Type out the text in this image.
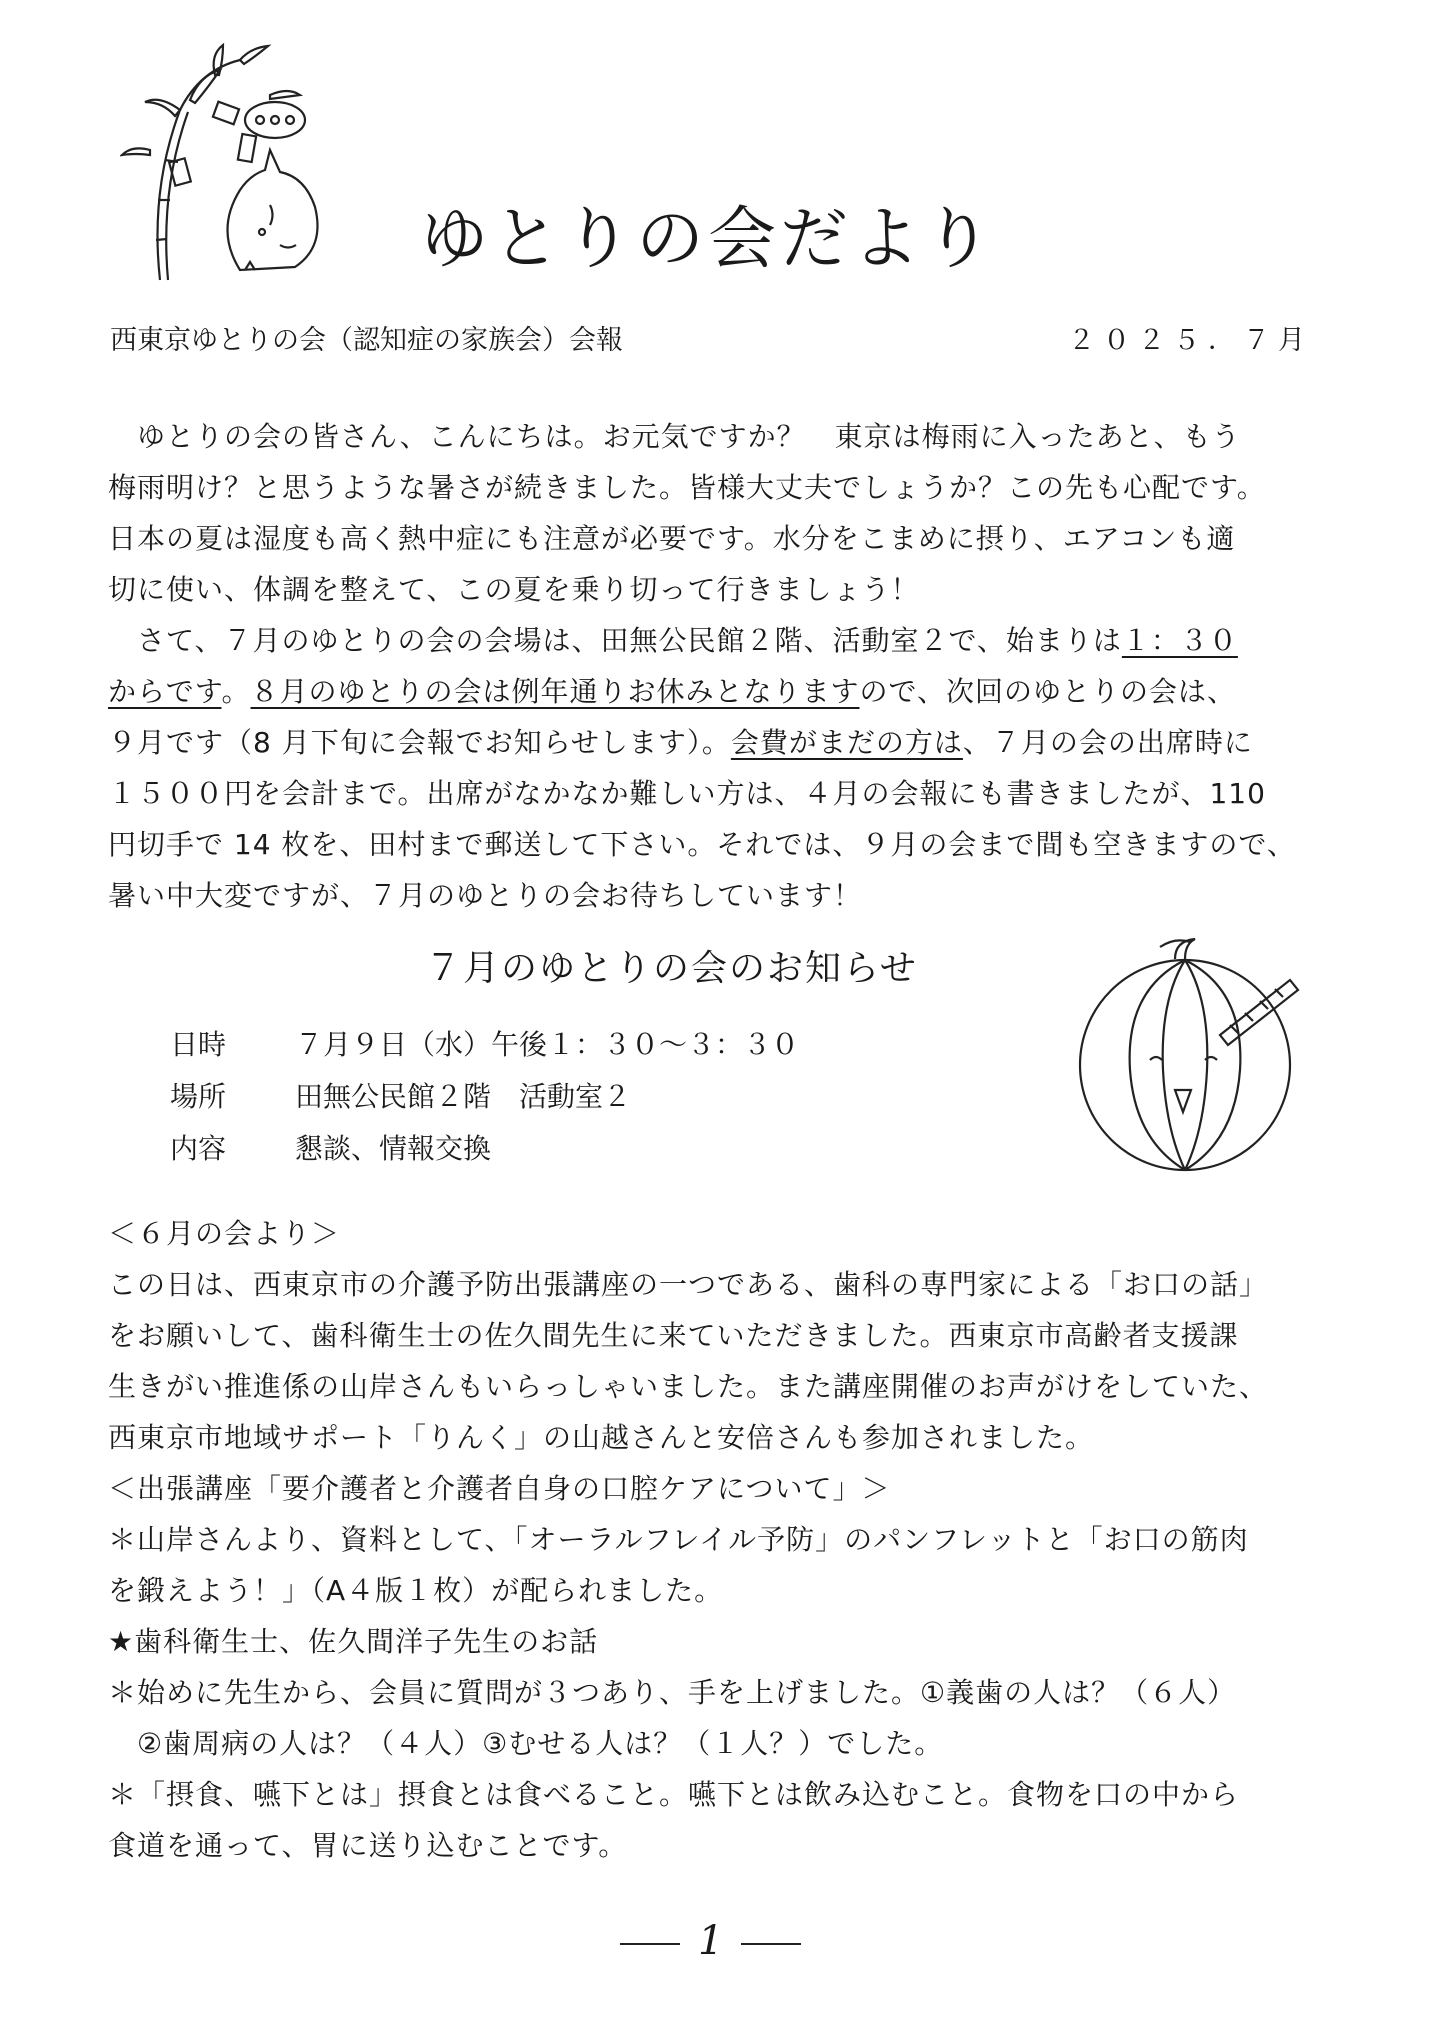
ゆとりの会だより
西東京ゆとりの会（認知症の家族会）会報	２０２５．７月
　ゆとりの会の皆さん、こんにちは。お元気ですか？　東京は梅雨に入ったあと、もう
梅雨明け？と思うような暑さが続きました。皆様大丈夫でしょうか？この先も心配です。
日本の夏は湿度も高く熱中症にも注意が必要です。水分をこまめに摂り、エアコンも適
切に使い、体調を整えて、この夏を乗り切って行きましょう！
　さて、７月のゆとりの会の会場は、田無公民館２階、活動室２で、始まりは１：３０
からです。８月のゆとりの会は例年通りお休みとなりますので、次回のゆとりの会は、
９月です（8 月下旬に会報でお知らせします）。会費がまだの方は、７月の会の出席時に
１５００円を会計まで。出席がなかなか難しい方は、４月の会報にも書きましたが、110
円切手で 14 枚を、田村まで郵送して下さい。それでは、９月の会まで間も空きますので、
暑い中大変ですが、７月のゆとりの会お待ちしています！
７月のゆとりの会のお知らせ
日時 ７月９日（水）午後１：３０～３：３０
場所 田無公民館２階　活動室２
内容 懇談、情報交換
＜６月の会より＞
この日は、西東京市の介護予防出張講座の一つである、歯科の専門家による「お口の話」
をお願いして、歯科衛生士の佐久間先生に来ていただきました。西東京市高齢者支援課
生きがい推進係の山岸さんもいらっしゃいました。また講座開催のお声がけをしていた、
西東京市地域サポート「りんく」の山越さんと安倍さんも参加されました。
＜出張講座「要介護者と介護者自身の口腔ケアについて」＞
＊山岸さんより、資料として、「オーラルフレイル予防」のパンフレットと「お口の筋肉
を鍛えよう！」（A４版１枚）が配られました。
★歯科衛生士、佐久間洋子先生のお話
＊始めに先生から、会員に質問が３つあり、手を上げました。①義歯の人は？（６人）
　②歯周病の人は？（４人）③むせる人は？（１人？）でした。
＊「摂食、嚥下とは」摂食とは食べること。嚥下とは飲み込むこと。食物を口の中から
食道を通って、胃に送り込むことです。
1
